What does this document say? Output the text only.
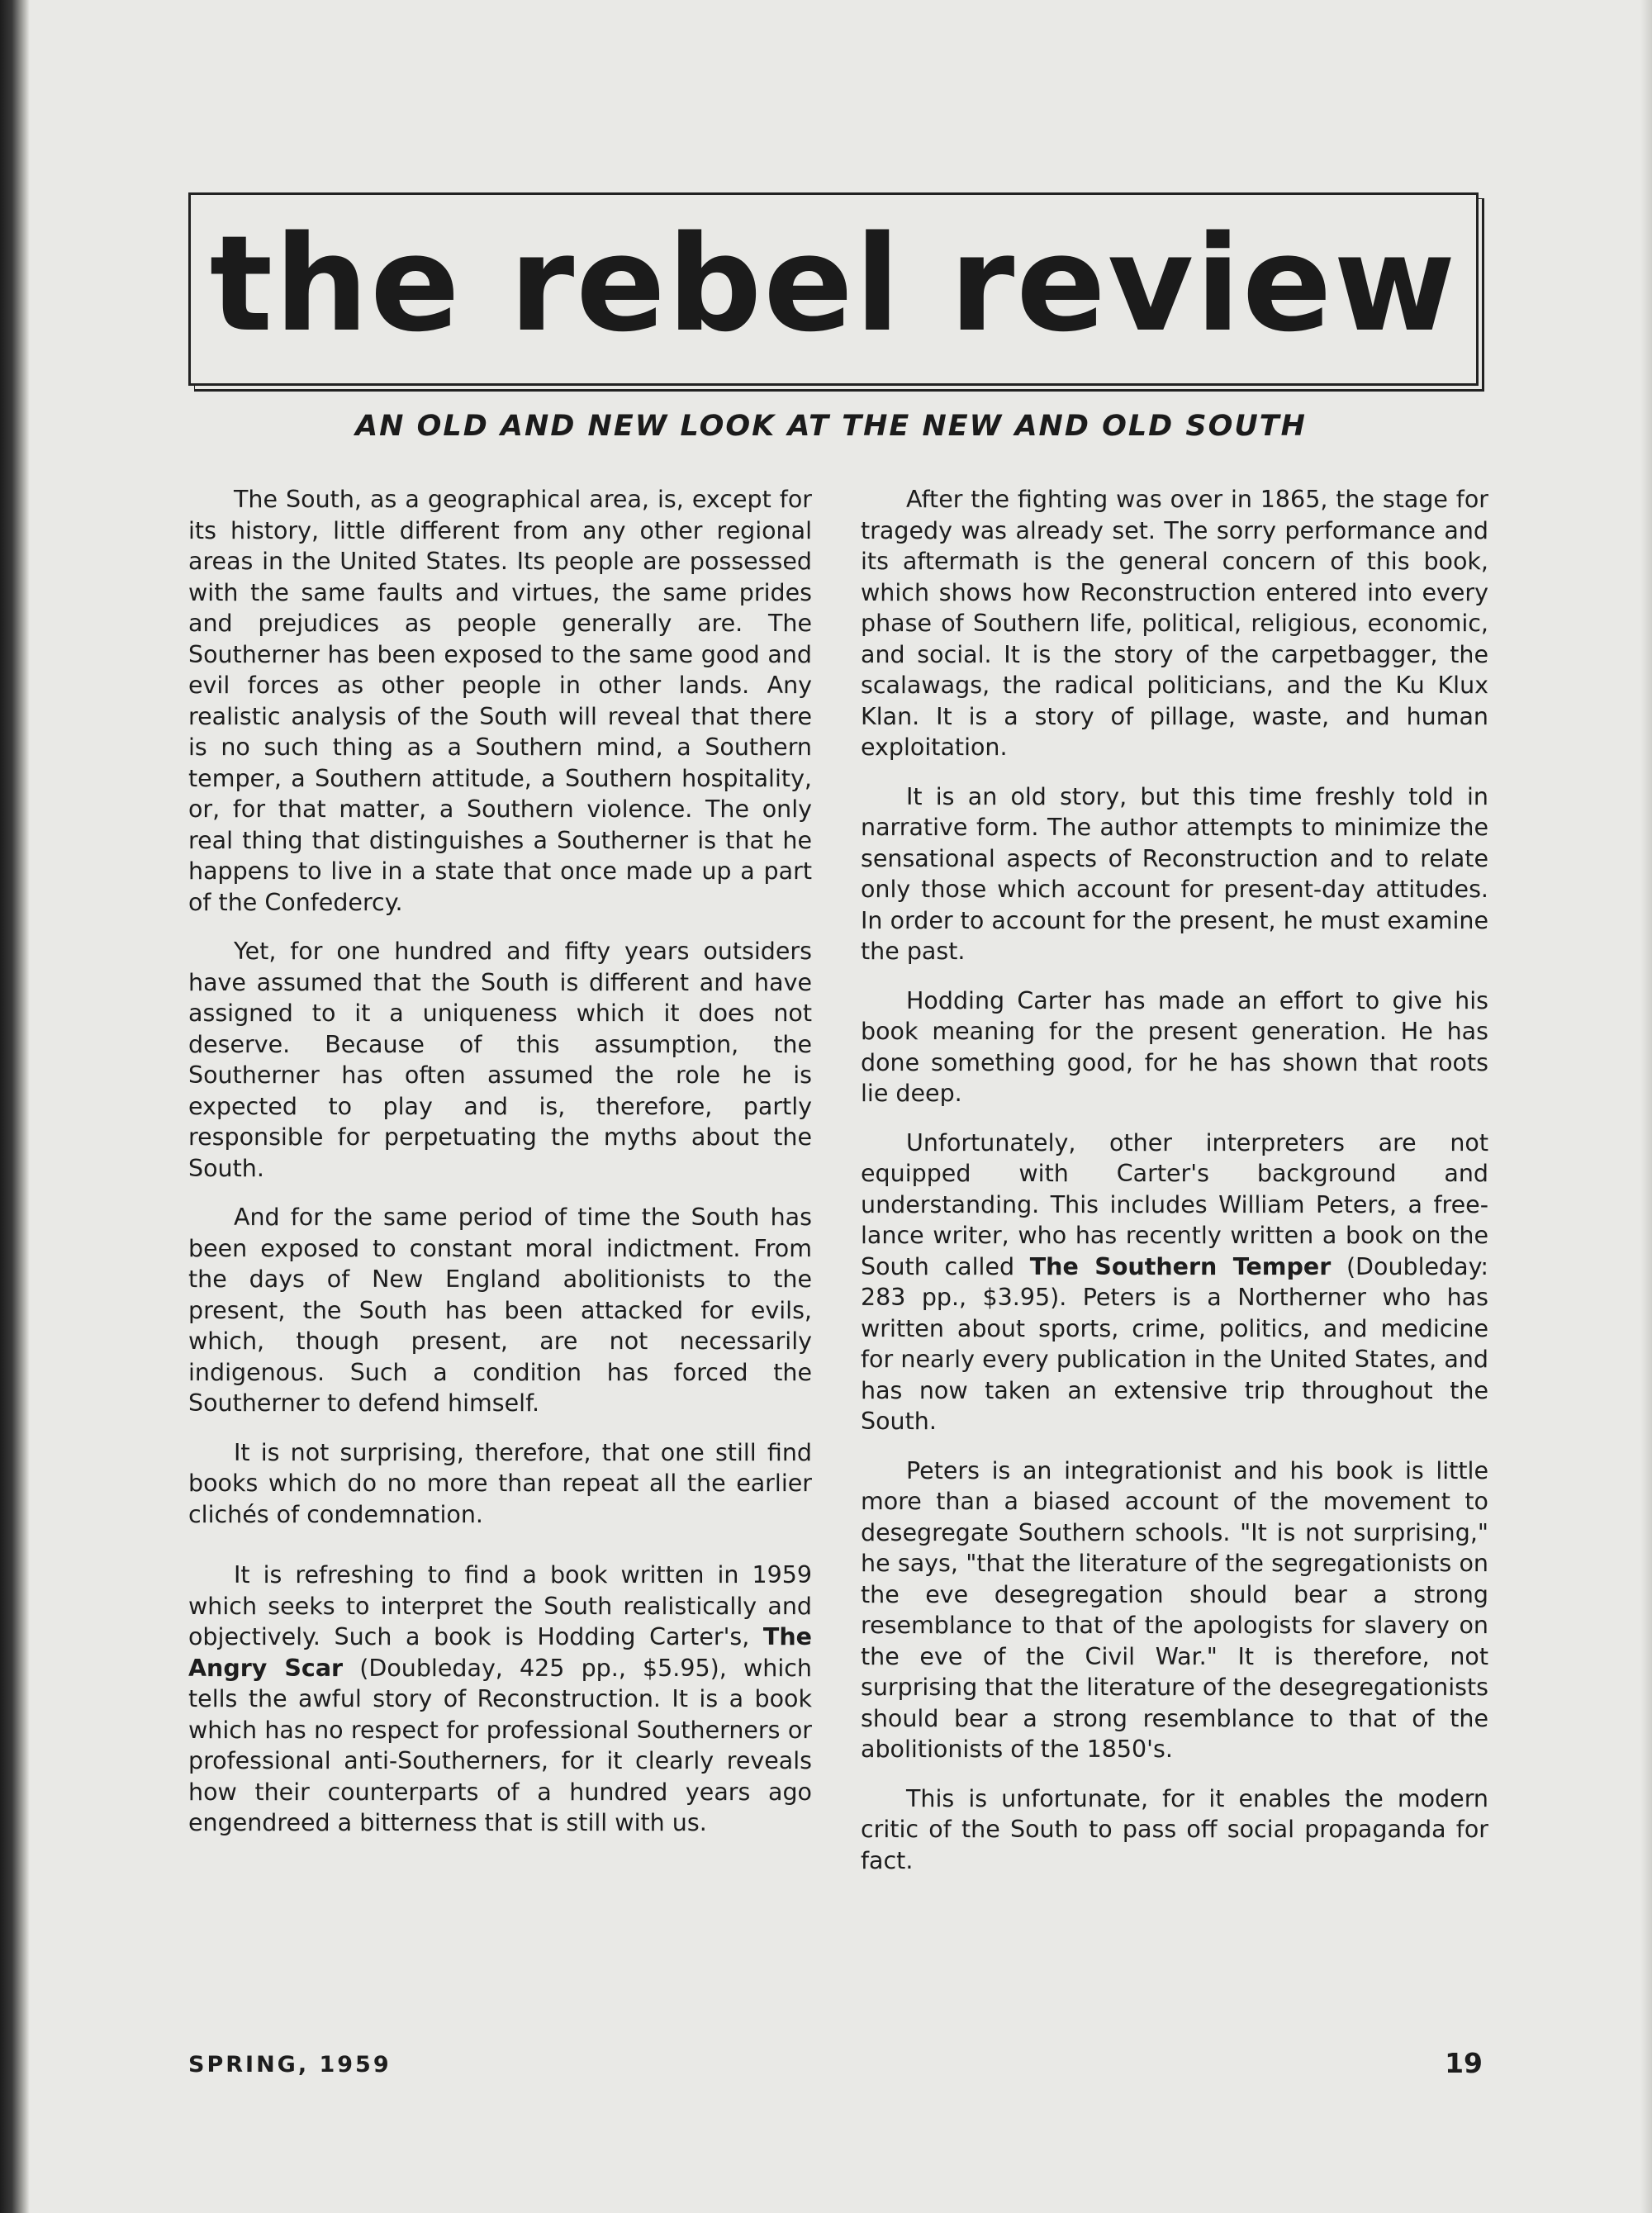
the rebel review
AN OLD AND NEW LOOK AT THE NEW AND OLD SOUTH

The South, as a geographical area, is, except for its history, little different from any other regional areas in the United States. Its people are possessed with the same faults and virtues, the same prides and prejudices as people generally are. The Southerner has been exposed to the same good and evil forces as other people in other lands. Any realistic analysis of the South will reveal that there is no such thing as a Southern mind, a Southern temper, a Southern attitude, a Southern hospitality, or, for that matter, a Southern violence. The only real thing that distinguishes a Southerner is that he happens to live in a state that once made up a part of the Confedercy.

Yet, for one hundred and fifty years outsiders have assumed that the South is different and have assigned to it a uniqueness which it does not deserve. Because of this assumption, the Southerner has often assumed the role he is expected to play and is, therefore, partly responsible for perpetuating the myths about the South.

And for the same period of time the South has been exposed to constant moral indictment. From the days of New England abolitionists to the present, the South has been attacked for evils, which, though present, are not necessarily indigenous. Such a condition has forced the Southerner to defend himself.

It is not surprising, therefore, that one still find books which do no more than repeat all the earlier clichés of condemnation.

It is refreshing to find a book written in 1959 which seeks to interpret the South realistically and objectively. Such a book is Hodding Carter's, The Angry Scar (Doubleday, 425 pp., $5.95), which tells the awful story of Reconstruction. It is a book which has no respect for professional Southerners or professional anti-Southerners, for it clearly reveals how their counterparts of a hundred years ago engendreed a bitterness that is still with us.

After the fighting was over in 1865, the stage for tragedy was already set. The sorry performance and its aftermath is the general concern of this book, which shows how Reconstruction entered into every phase of Southern life, political, religious, economic, and social. It is the story of the carpetbagger, the scalawags, the radical politicians, and the Ku Klux Klan. It is a story of pillage, waste, and human exploitation.

It is an old story, but this time freshly told in narrative form. The author attempts to minimize the sensational aspects of Reconstruction and to relate only those which account for present-day attitudes. In order to account for the present, he must examine the past.

Hodding Carter has made an effort to give his book meaning for the present generation. He has done something good, for he has shown that roots lie deep.

Unfortunately, other interpreters are not equipped with Carter's background and understanding. This includes William Peters, a free-lance writer, who has recently written a book on the South called The Southern Temper (Doubleday: 283 pp., $3.95). Peters is a Northerner who has written about sports, crime, politics, and medicine for nearly every publication in the United States, and has now taken an extensive trip throughout the South.

Peters is an integrationist and his book is little more than a biased account of the movement to desegregate Southern schools. "It is not surprising," he says, "that the literature of the segregationists on the eve desegregation should bear a strong resemblance to that of the apologists for slavery on the eve of the Civil War." It is therefore, not surprising that the literature of the desegregationists should bear a strong resemblance to that of the abolitionists of the 1850's.

This is unfortunate, for it enables the modern critic of the South to pass off social propaganda for fact.

SPRING, 1959	19
